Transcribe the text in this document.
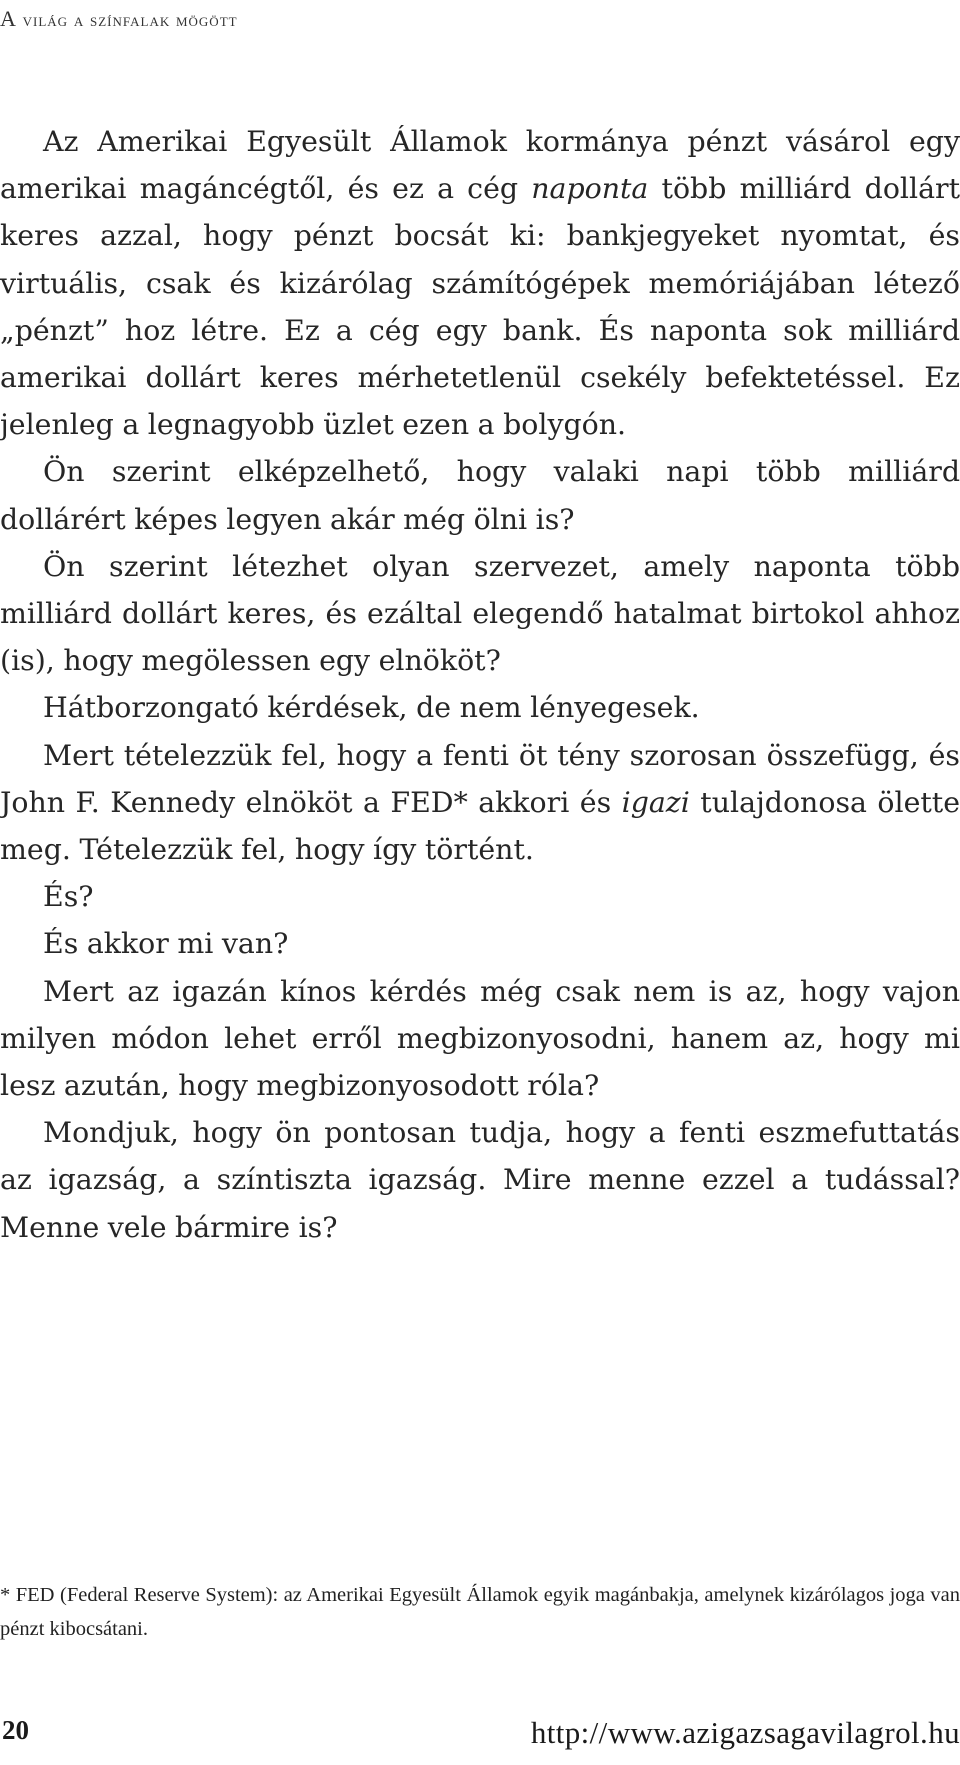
A világ a színfalak mögött

Az Amerikai Egyesült Államok kormánya pénzt vásárol egy amerikai magáncégtől, és ez a cég naponta több milliárd dollárt keres azzal, hogy pénzt bocsát ki: bankjegyeket nyomtat, és virtuális, csak és kizárólag számítógépek memóriájában létező „pénzt” hoz létre. Ez a cég egy bank. És naponta sok milliárd amerikai dollárt keres mérhetetlenül csekély befektetéssel. Ez jelenleg a legnagyobb üzlet ezen a bolygón.

Ön szerint elképzelhető, hogy valaki napi több milliárd dollárért képes legyen akár még ölni is?

Ön szerint létezhet olyan szervezet, amely naponta több milliárd dollárt keres, és ezáltal elegendő hatalmat birtokol ahhoz (is), hogy megölessen egy elnököt?

Hátborzongató kérdések, de nem lényegesek.

Mert tételezzük fel, hogy a fenti öt tény szorosan összefügg, és John F. Kennedy elnököt a FED* akkori és igazi tulajdonosa ölette meg. Tételezzük fel, hogy így történt.

És?

És akkor mi van?

Mert az igazán kínos kérdés még csak nem is az, hogy vajon milyen módon lehet erről megbizonyosodni, hanem az, hogy mi lesz azután, hogy megbizonyosodott róla?

Mondjuk, hogy ön pontosan tudja, hogy a fenti eszmefuttatás az igazság, a színtiszta igazság. Mire menne ezzel a tudással? Menne vele bármire is?

* FED (Federal Reserve System): az Amerikai Egyesült Államok egyik magánbakja, amelynek kizárólagos joga van pénzt kibocsátani.

20	http://www.azigazsagavilagrol.hu
